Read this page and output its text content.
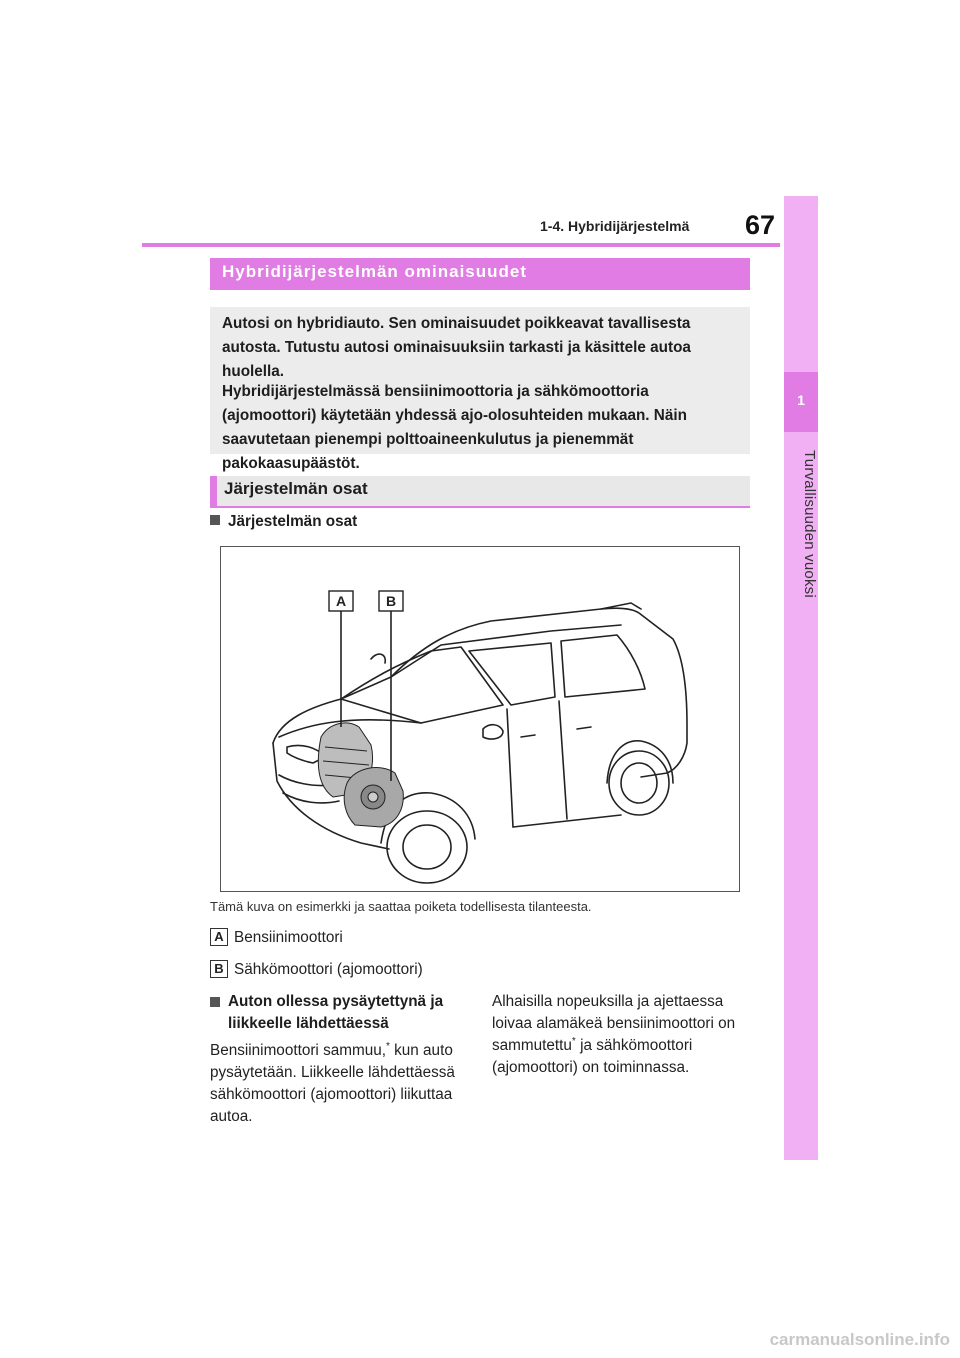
1-4. Hybridijärjestelmä 67
1
Turvallisuuden vuoksi
Hybridijärjestelmän ominaisuudet
Autosi on hybridiauto. Sen ominaisuudet poikkeavat tavallisesta autosta. Tutustu autosi ominaisuuksiin tarkasti ja käsittele autoa huolella.
Hybridijärjestelmässä bensiinimoottoria ja sähkömoottoria (ajomoottori) käytetään yhdessä ajo-olosuhteiden mukaan. Näin saavutetaan pienempi polttoaineenkulutus ja pienemmät pakokaasupäästöt.
Järjestelmän osat
Järjestelmän osat
A	B
Tämä kuva on esimerkki ja saattaa poiketa todellisesta tilanteesta.
A Bensiinimoottori
B Sähkömoottori (ajomoottori)
Auton ollessa pysäytettynä ja liikkeelle lähdettäessä
Bensiinimoottori sammuu,* kun auto pysäytetään. Liikkeelle lähdettäessä sähkömoottori (ajomoottori) liikuttaa autoa.
Alhaisilla nopeuksilla ja ajettaessa loivaa alamäkeä bensiinimoottori on sammutettu* ja sähkömoottori (ajomoottori) on toiminnassa.
carmanualsonline.info
